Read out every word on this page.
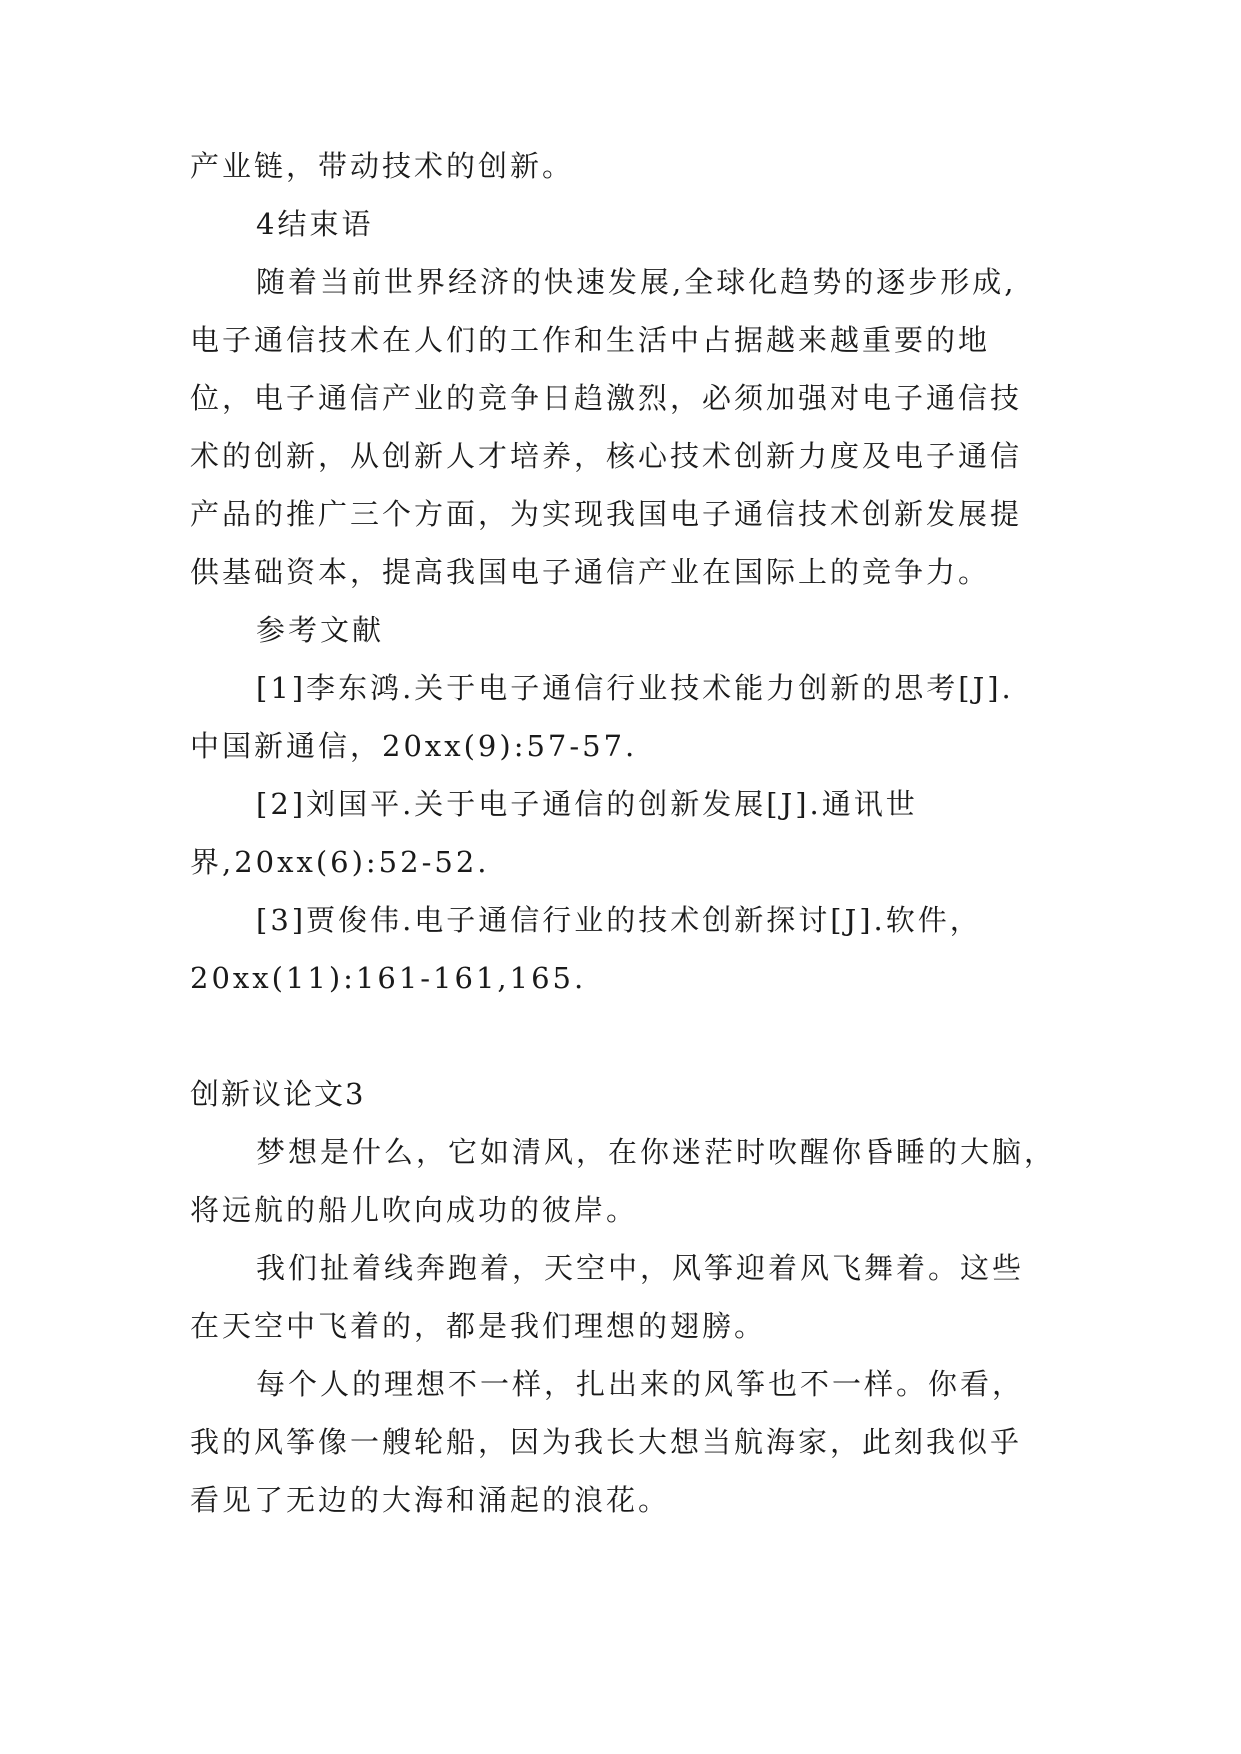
产业链，带动技术的创新。
4结束语
随着当前世界经济的快速发展,全球化趋势的逐步形成,
电子通信技术在人们的工作和生活中占据越来越重要的地
位，电子通信产业的竞争日趋激烈，必须加强对电子通信技
术的创新，从创新人才培养，核心技术创新力度及电子通信
产品的推广三个方面，为实现我国电子通信技术创新发展提
供基础资本，提高我国电子通信产业在国际上的竞争力。
参考文献
[1]李东鸿.关于电子通信行业技术能力创新的思考[J].
中国新通信，20xx(9):57-57.
[2]刘国平.关于电子通信的创新发展[J].通讯世
界,20xx(6):52-52.
[3]贾俊伟.电子通信行业的技术创新探讨[J].软件，
20xx(11):161-161,165.
创新议论文3
梦想是什么，它如清风，在你迷茫时吹醒你昏睡的大脑，
将远航的船儿吹向成功的彼岸。
我们扯着线奔跑着，天空中，风筝迎着风飞舞着。这些
在天空中飞着的，都是我们理想的翅膀。
每个人的理想不一样，扎出来的风筝也不一样。你看，
我的风筝像一艘轮船，因为我长大想当航海家，此刻我似乎
看见了无边的大海和涌起的浪花。
